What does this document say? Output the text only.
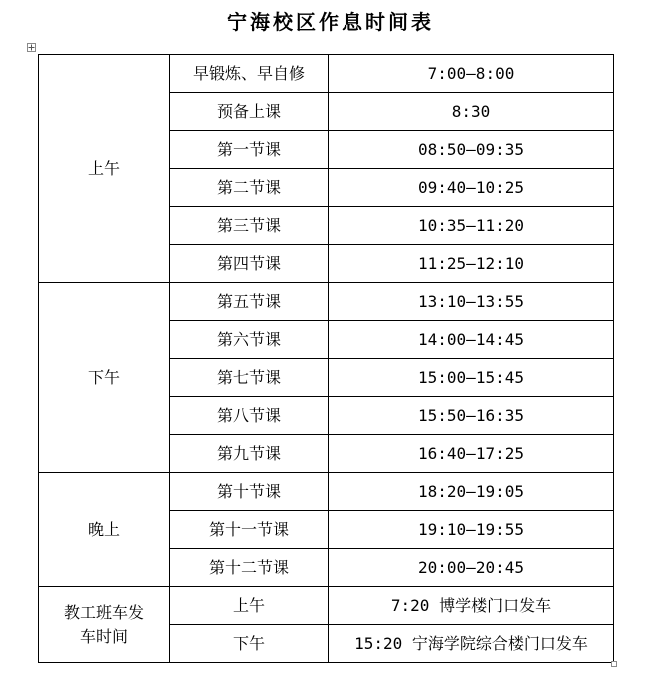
宁海校区作息时间表
上午	早锻炼、早自修	7:00—8:00
	预备上课	8:30
	第一节课	08:50—09:35
	第二节课	09:40—10:25
	第三节课	10:35—11:20
	第四节课	11:25—12:10
下午	第五节课	13:10—13:55
	第六节课	14:00—14:45
	第七节课	15:00—15:45
	第八节课	15:50—16:35
	第九节课	16:40—17:25
晚上	第十节课	18:20—19:05
	第十一节课	19:10—19:55
	第十二节课	20:00—20:45
教工班车发车时间	上午	7:20 博学楼门口发车
	下午	15:20 宁海学院综合楼门口发车
